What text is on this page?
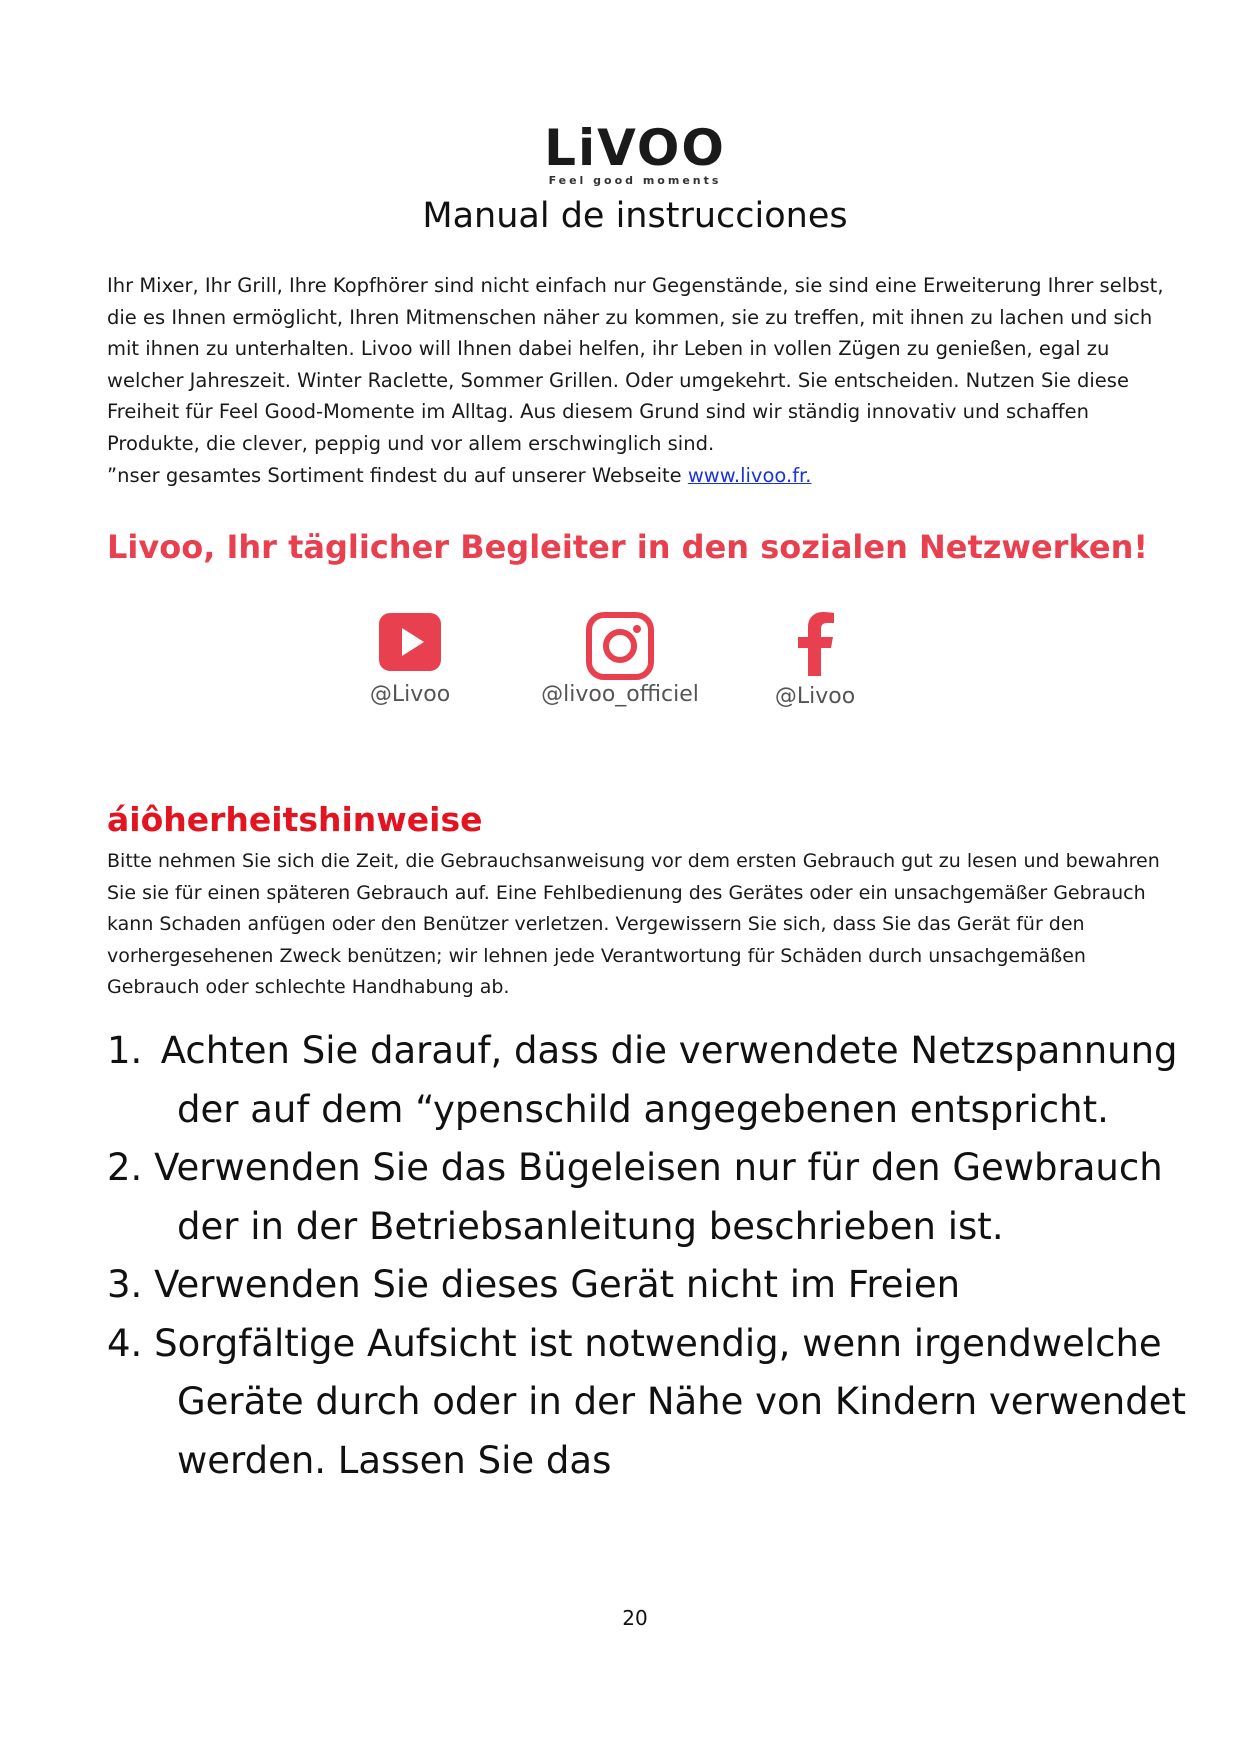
LiVOO
Feel good moments
Manual de instrucciones

Ihr Mixer, Ihr Grill, Ihre Kopfhörer sind nicht einfach nur Gegenstände, sie sind eine Erweiterung Ihrer selbst, die es Ihnen ermöglicht, Ihren Mitmenschen näher zu kommen, sie zu treffen, mit ihnen zu lachen und sich mit ihnen zu unterhalten. Livoo will Ihnen dabei helfen, ihr Leben in vollen Zügen zu genießen, egal zu welcher Jahreszeit. Winter Raclette, Sommer Grillen. Oder umgekehrt. Sie entscheiden. Nutzen Sie diese Freiheit für Feel Good-Momente im Alltag. Aus diesem Grund sind wir ständig innovativ und schaffen Produkte, die clever, peppig und vor allem erschwinglich sind.

”nser gesamtes Sortiment findest du auf unserer Webseite www.livoo.fr.

Livoo, Ihr täglicher Begleiter in den sozialen Netzwerken!
@Livoo	@livoo_officiel	@Livoo
áiôherheitshinweise

Bitte nehmen Sie sich die Zeit, die Gebrauchsanweisung vor dem ersten Gebrauch gut zu lesen und bewahren Sie sie für einen späteren Gebrauch auf. Eine Fehlbedienung des Gerätes oder ein unsachgemäßer Gebrauch kann Schaden anfügen oder den Benützer verletzen. Vergewissern Sie sich, dass Sie das Gerät für den vorhergesehenen Zweck benützen; wir lehnen jede Verantwortung für Schäden durch unsachgemäßen Gebrauch oder schlechte Handhabung ab.

1. Achten Sie darauf, dass die verwendete Netzspannung der auf dem “ypenschild angegebenen entspricht.
2. Verwenden Sie das Bügeleisen nur für den Gewbrauch der in der Betriebsanleitung beschrieben ist.
3. Verwenden Sie dieses Gerät nicht im Freien
4. Sorgfältige Aufsicht ist notwendig, wenn irgendwelche Geräte durch oder in der Nähe von Kindern verwendet werden. Lassen Sie das
20
